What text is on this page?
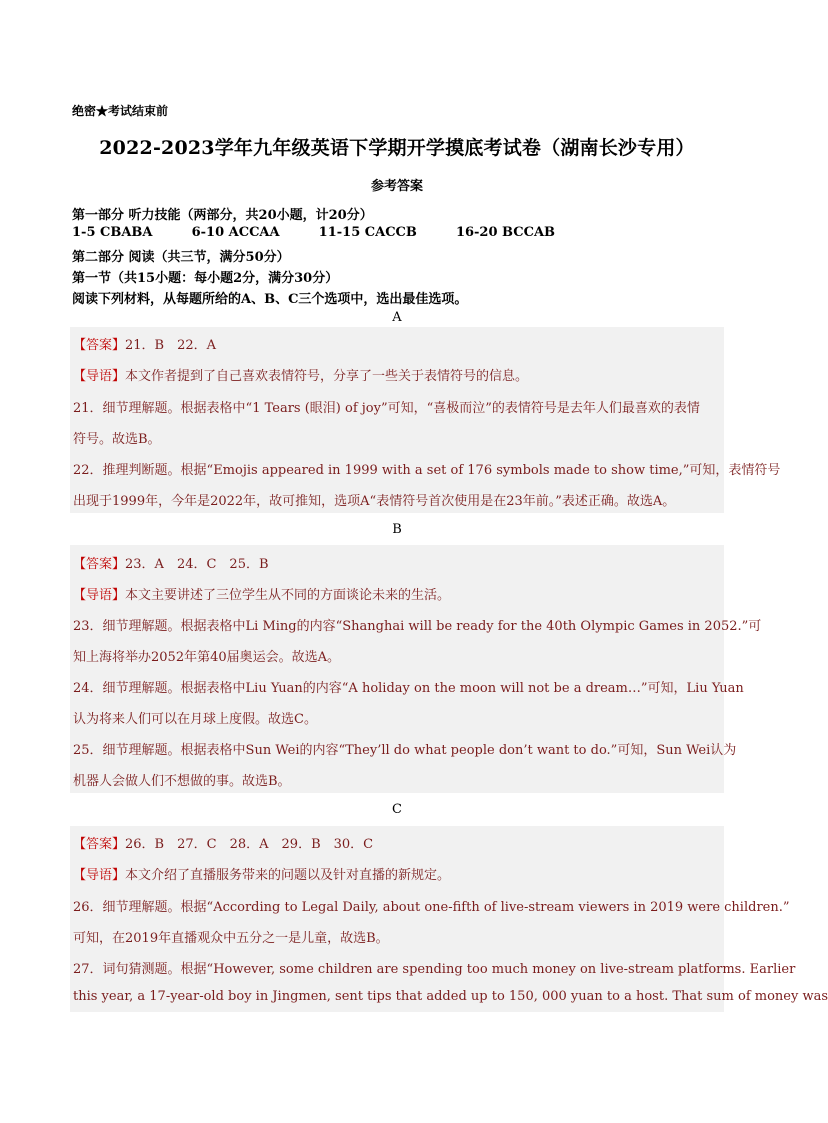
绝密★考试结束前
2022-2023学年九年级英语下学期开学摸底考试卷（湖南长沙专用）
参考答案
第一部分 听力技能（两部分，共20小题，计20分）
1-5 CBABA	6-10 ACCAA	11-15 CACCB	16-20 BCCAB
第二部分 阅读（共三节，满分50分）
第一节（共15小题：每小题2分，满分30分）
阅读下列材料，从每题所给的A、B、C三个选项中，选出最佳选项。
A
【答案】21．B　22．A
【导语】本文作者提到了自己喜欢表情符号，分享了一些关于表情符号的信息。
21．细节理解题。根据表格中“1 Tears (眼泪) of joy”可知，“喜极而泣”的表情符号是去年人们最喜欢的表情
符号。故选B。
22．推理判断题。根据“Emojis appeared in 1999 with a set of 176 symbols made to show time,”可知，表情符号
出现于1999年，今年是2022年，故可推知，选项A“表情符号首次使用是在23年前。”表述正确。故选A。
B
【答案】23．A　24．C　25．B
【导语】本文主要讲述了三位学生从不同的方面谈论未来的生活。
23．细节理解题。根据表格中Li Ming的内容“Shanghai will be ready for the 40th Olympic Games in 2052.”可
知上海将举办2052年第40届奥运会。故选A。
24．细节理解题。根据表格中Liu Yuan的内容“A holiday on the moon will not be a dream…”可知，Liu Yuan
认为将来人们可以在月球上度假。故选C。
25．细节理解题。根据表格中Sun Wei的内容“They’ll do what people don’t want to do.”可知，Sun Wei认为
机器人会做人们不想做的事。故选B。
C
【答案】26．B　27．C　28．A　29．B　30．C
【导语】本文介绍了直播服务带来的问题以及针对直播的新规定。
26．细节理解题。根据“According to Legal Daily, about one-fifth of live-stream viewers in 2019 were children.”
可知，在2019年直播观众中五分之一是儿童，故选B。
27．词句猜测题。根据“However, some children are spending too much money on live-stream platforms. Earlier
this year, a 17-year-old boy in Jingmen, sent tips that added up to 150, 000 yuan to a host. That sum of money was
